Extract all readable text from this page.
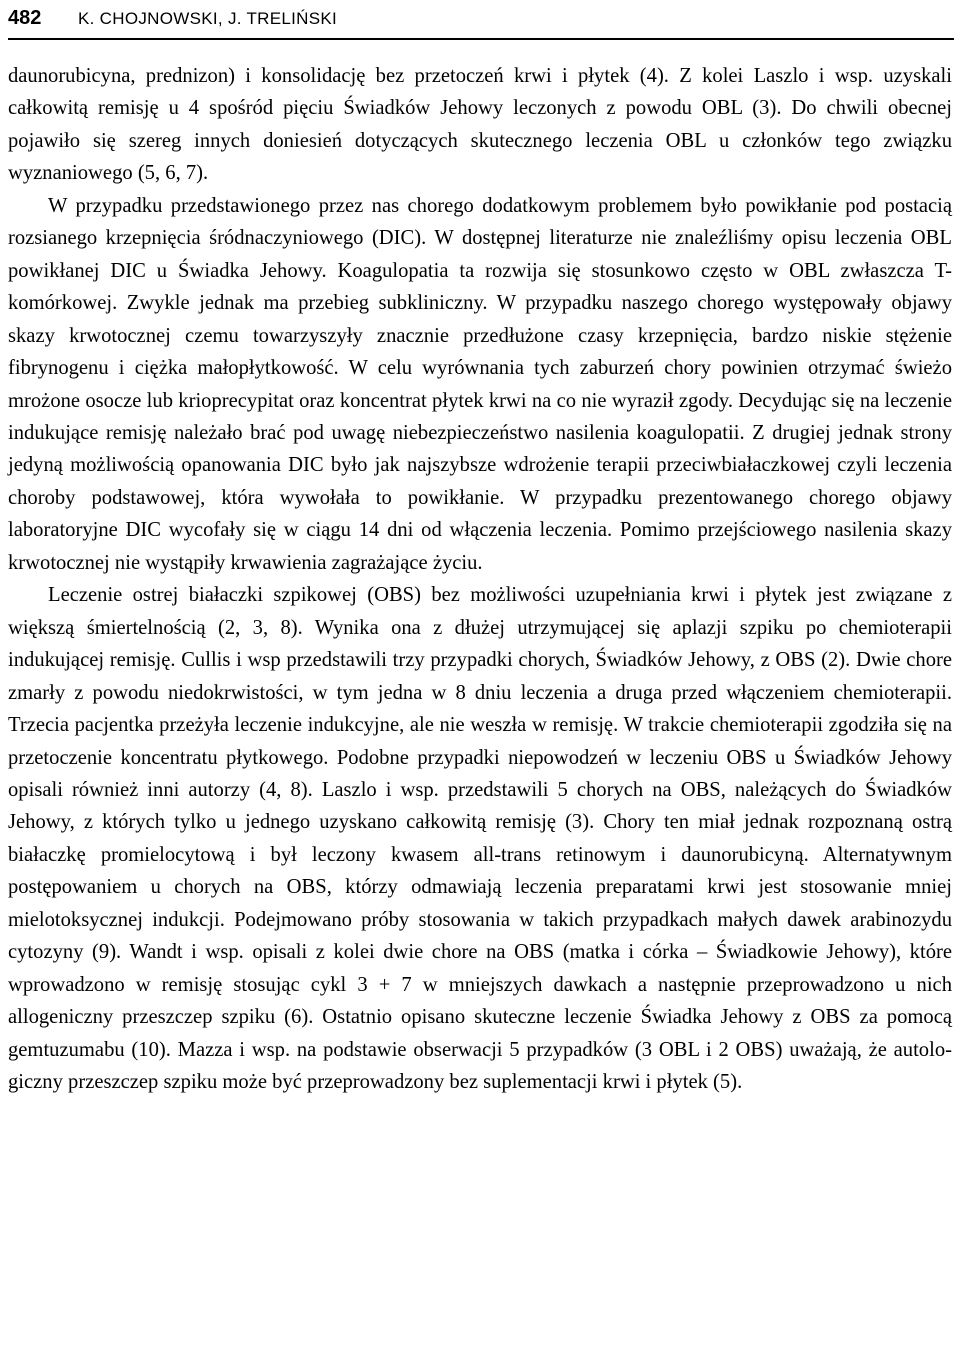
482 K. CHOJNOWSKI, J. TRELIŃSKI

daunorubicyna, prednizon) i konsolidację bez przetoczeń krwi i płytek (4). Z kolei Laszlo i wsp. uzyskali całkowitą remisję u 4 spośród pięciu Świadków Jehowy leczonych z powodu OBL (3). Do chwili obecnej pojawiło się szereg innych doniesień dotyczących skutecznego leczenia OBL u członków tego związku wyznaniowego (5, 6, 7).

W przypadku przedstawionego przez nas chorego dodatkowym problemem było powikłanie pod postacią rozsianego krzepnięcia śródnaczyniowego (DIC). W dostępnej literaturze nie znaleźliśmy opisu leczenia OBL powikłanej DIC u Świadka Jehowy. Koagulopatia ta rozwija się stosunkowo często w OBL zwłaszcza T-komórkowej. Zwykle jednak ma przebieg subkliniczny. W przypadku naszego chorego występowały objawy skazy krwotocznej czemu towarzyszyły znacznie przedłużone czasy krzepnięcia, bardzo niskie stężenie fibrynogenu i ciężka małopłytkowość. W celu wyrównania tych zaburzeń chory powinien otrzymać świeżo mrożone osocze lub krioprecypitat oraz koncentrat płytek krwi na co nie wyraził zgody. Decydując się na leczenie indukujące remisję należało brać pod uwagę niebezpieczeństwo nasilenia koagulopatii. Z drugiej jednak strony jedyną możliwością opanowania DIC było jak najszybsze wdrożenie terapii przeciwbiałaczkowej czyli leczenia choroby podstawowej, która wywołała to powikłanie. W przypadku prezentowanego chorego objawy laboratoryjne DIC wycofały się w ciągu 14 dni od włączenia leczenia. Pomimo przejściowego nasilenia skazy krwotocznej nie wystąpiły krwawienia zagrażające życiu.

Leczenie ostrej białaczki szpikowej (OBS) bez możliwości uzupełniania krwi i płytek jest związane z większą śmiertelnością (2, 3, 8). Wynika ona z dłużej utrzymującej się aplazji szpiku po chemioterapii indukującej remisję. Cullis i wsp przedstawili trzy przypadki chorych, Świadków Jehowy, z OBS (2). Dwie chore zmarły z powodu niedokrwistości, w tym jedna w 8 dniu leczenia a druga przed włączeniem chemioterapii. Trzecia pacjentka przeżyła leczenie indukcyjne, ale nie weszła w remisję. W trakcie chemioterapii zgodziła się na przetoczenie koncentratu płytkowego. Podobne przypadki niepowodzeń w leczeniu OBS u Świadków Jehowy opisali również inni autorzy (4, 8). Laszlo i wsp. przedstawili 5 chorych na OBS, należących do Świadków Jehowy, z których tylko u jednego uzyskano całkowitą remisję (3). Chory ten miał jednak rozpoznaną ostrą białaczkę promielocytową i był leczony kwasem all-trans retinowym i daunorubicyną. Alternatywnym postępowaniem u chorych na OBS, którzy odmawiają leczenia preparatami krwi jest stosowanie mniej mielotoksycznej indukcji. Podejmowano próby stosowania w takich przypadkach małych dawek arabinozydu cytozyny (9). Wandt i wsp. opisali z kolei dwie chore na OBS (matka i córka – Świadkowie Jehowy), które wprowadzono w remisję stosując cykl 3 + 7 w mniejszych dawkach a następnie przeprowadzono u nich allogeniczny przeszczep szpiku (6). Ostatnio opisano skuteczne leczenie Świadka Jehowy z OBS za pomocą gemtuzumabu (10). Mazza i wsp. na podstawie obserwacji 5 przypadków (3 OBL i 2 OBS) uważają, że autologiczny przeszczep szpiku może być przeprowadzony bez suplementacji krwi i płytek (5).
